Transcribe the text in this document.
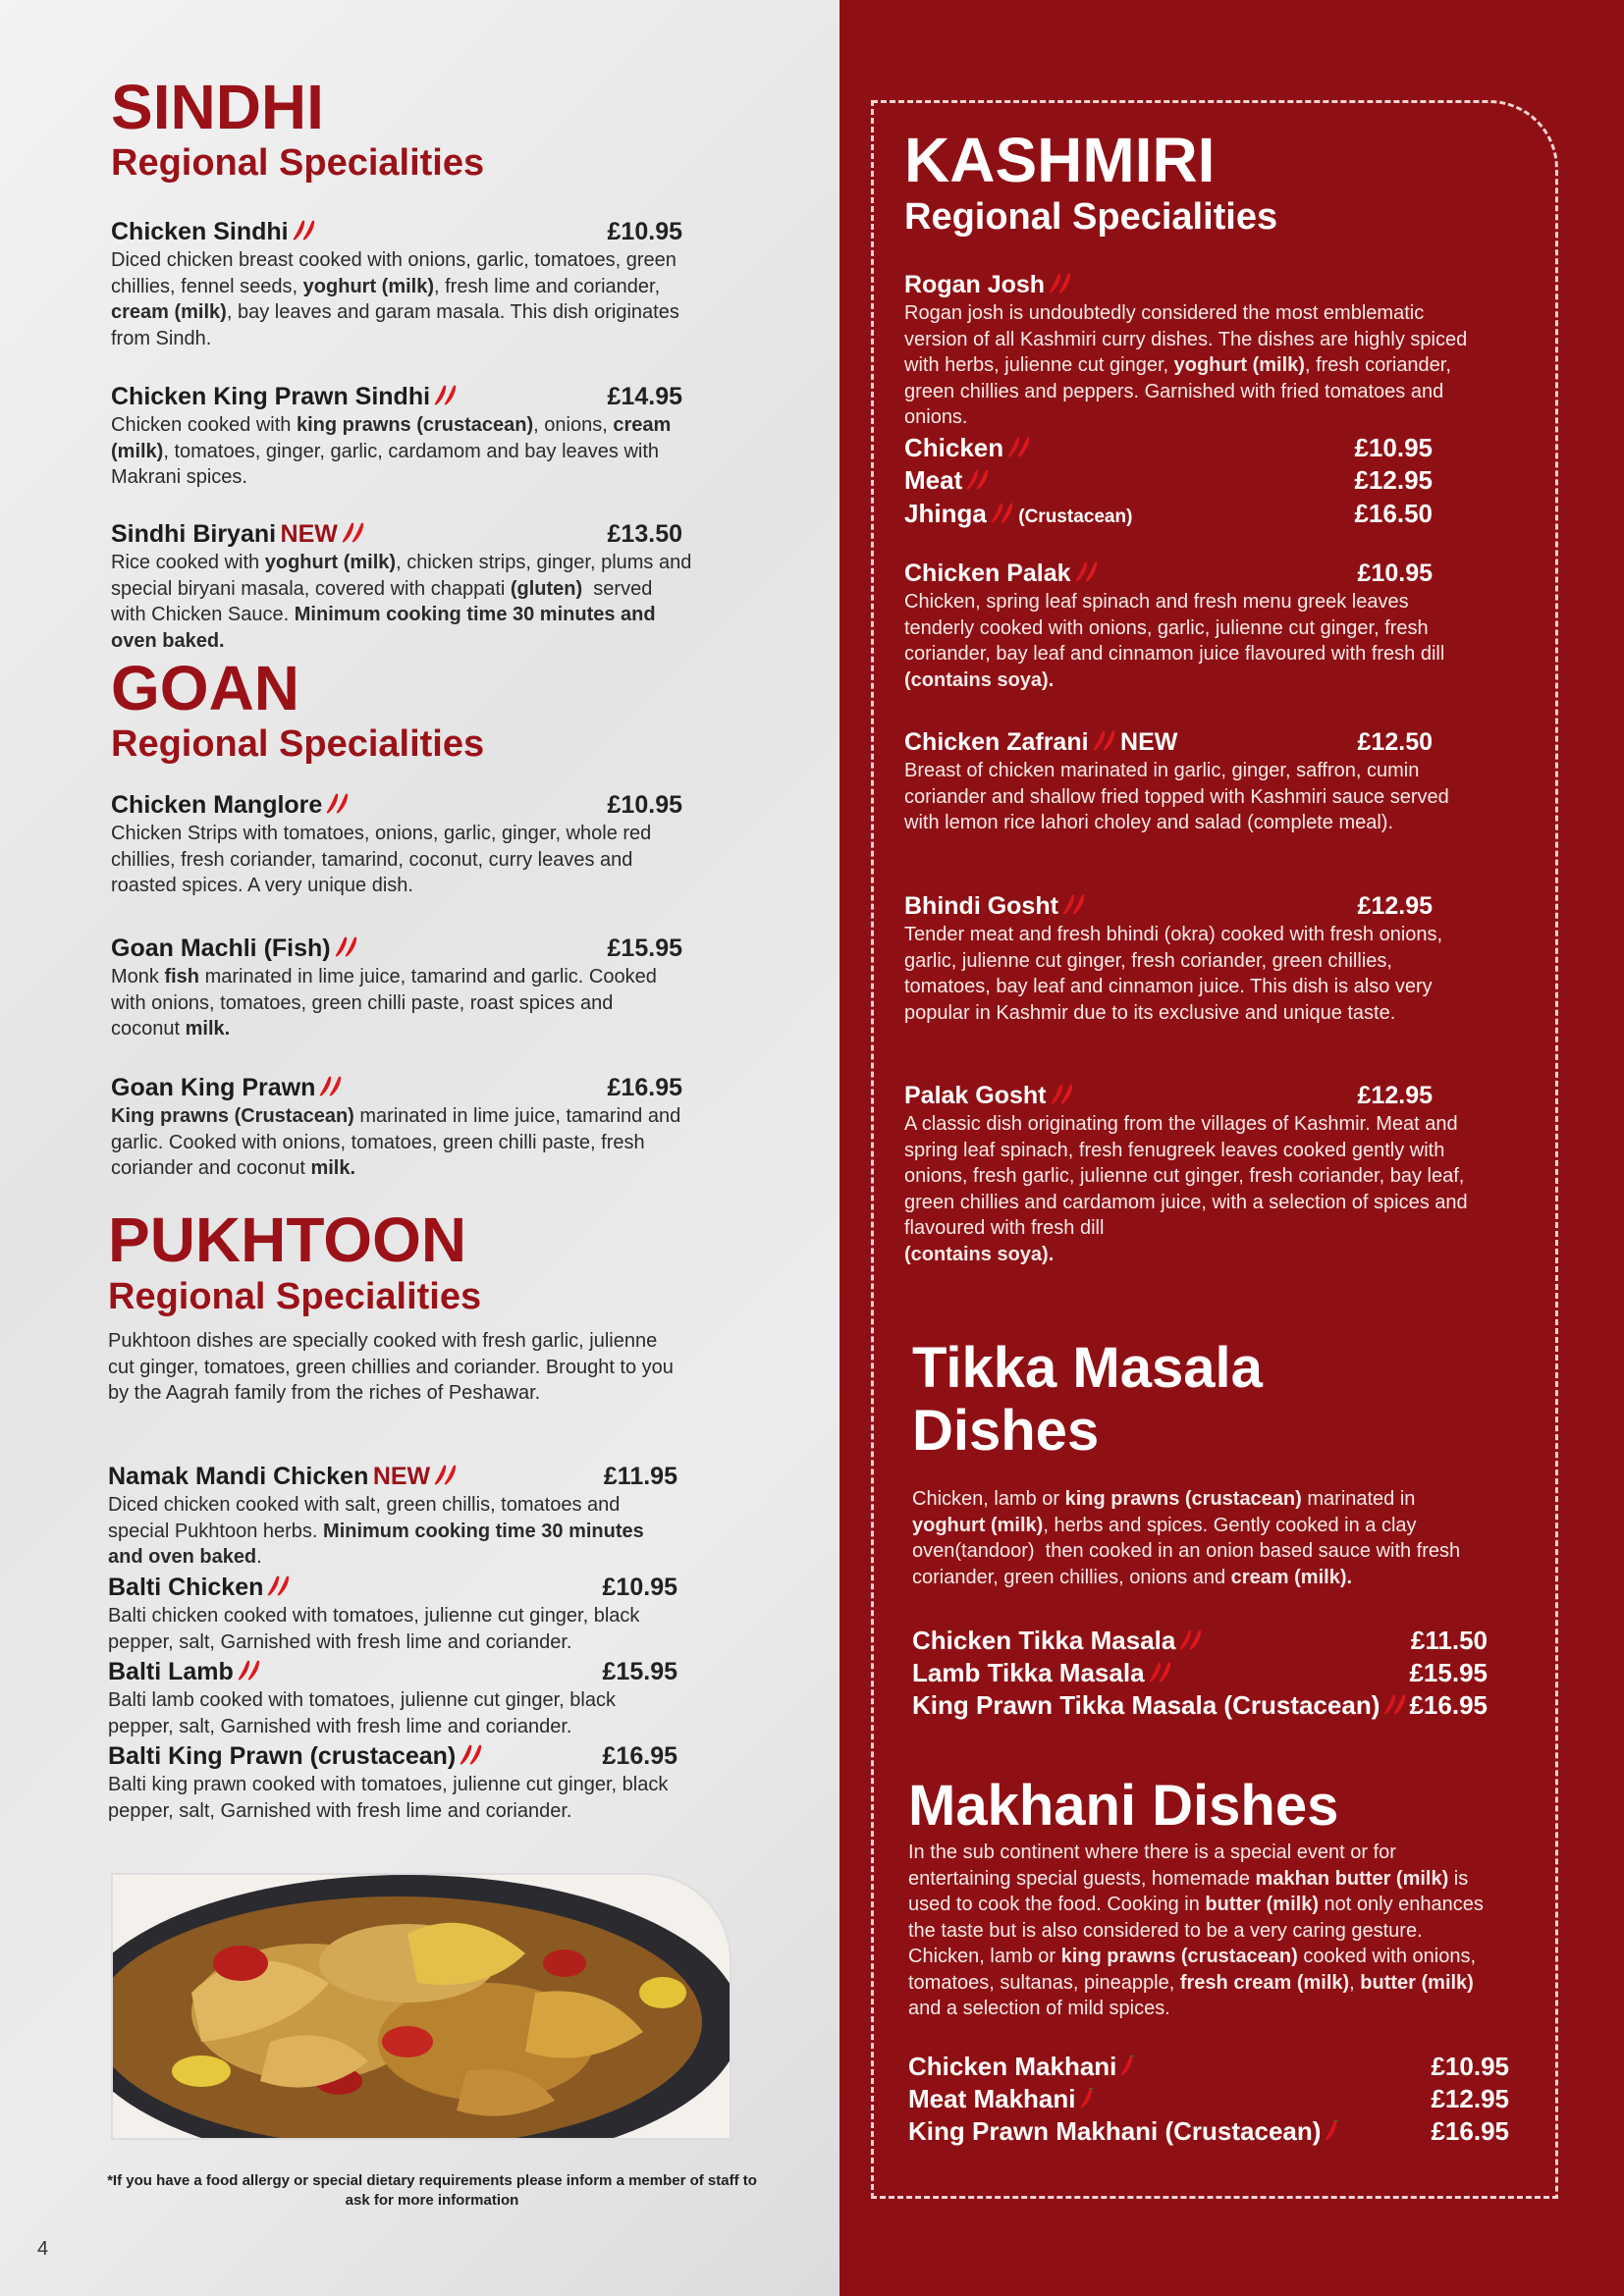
SINDHI
Regional Specialities
Chicken Sindhi	£10.95
Diced chicken breast cooked with onions, garlic, tomatoes, green chillies, fennel seeds, yoghurt (milk), fresh lime and coriander, cream (milk), bay leaves and garam masala. This dish originates from Sindh.
Chicken King Prawn Sindhi	£14.95
Chicken cooked with king prawns (crustacean), onions, cream (milk), tomatoes, ginger, garlic, cardamom and bay leaves with Makrani spices.
Sindhi Biryani NEW	£13.50
Rice cooked with yoghurt (milk), chicken strips, ginger, plums and special biryani masala, covered with chappati (gluten)  served with Chicken Sauce. Minimum cooking time 30 minutes and oven baked.
GOAN
Regional Specialities
Chicken Manglore	£10.95
Chicken Strips with tomatoes, onions, garlic, ginger, whole red chillies, fresh coriander, tamarind, coconut, curry leaves and roasted spices. A very unique dish.
Goan Machli (Fish)	£15.95
Monk fish marinated in lime juice, tamarind and garlic. Cooked with onions, tomatoes, green chilli paste, roast spices and coconut milk.
Goan King Prawn	£16.95
King prawns (Crustacean) marinated in lime juice, tamarind and garlic. Cooked with onions, tomatoes, green chilli paste, fresh coriander and coconut milk.
PUKHTOON
Regional Specialities
Pukhtoon dishes are specially cooked with fresh garlic, julienne cut ginger, tomatoes, green chillies and coriander. Brought to you by the Aagrah family from the riches of Peshawar.
Namak Mandi Chicken NEW	£11.95
Diced chicken cooked with salt, green chillis, tomatoes and special Pukhtoon herbs. Minimum cooking time 30 minutes and oven baked.
Balti Chicken	£10.95
Balti chicken cooked with tomatoes, julienne cut ginger, black pepper, salt, Garnished with fresh lime and coriander.
Balti Lamb	£15.95
Balti lamb cooked with tomatoes, julienne cut ginger, black pepper, salt, Garnished with fresh lime and coriander.
Balti King Prawn (crustacean)	£16.95
Balti king prawn cooked with tomatoes, julienne cut ginger, black pepper, salt, Garnished with fresh lime and coriander.
*If you have a food allergy or special dietary requirements please inform a member of staff to ask for more information
4
KASHMIRI
Regional Specialities
Rogan Josh
Rogan josh is undoubtedly considered the most emblematic version of all Kashmiri curry dishes. The dishes are highly spiced with herbs, julienne cut ginger, yoghurt (milk), fresh coriander, green chillies and peppers. Garnished with fried tomatoes and onions.
Chicken	£10.95
Meat	£12.95
Jhinga (Crustacean)	£16.50
Chicken Palak	£10.95
Chicken, spring leaf spinach and fresh menu greek leaves tenderly cooked with onions, garlic, julienne cut ginger, fresh coriander, bay leaf and cinnamon juice flavoured with fresh dill (contains soya).
Chicken Zafrani NEW	£12.50
Breast of chicken marinated in garlic, ginger, saffron, cumin coriander and shallow fried topped with Kashmiri sauce served with lemon rice lahori choley and salad (complete meal).
Bhindi Gosht	£12.95
Tender meat and fresh bhindi (okra) cooked with fresh onions, garlic, julienne cut ginger, fresh coriander, green chillies, tomatoes, bay leaf and cinnamon juice. This dish is also very popular in Kashmir due to its exclusive and unique taste.
Palak Gosht	£12.95
A classic dish originating from the villages of Kashmir. Meat and spring leaf spinach, fresh fenugreek leaves cooked gently with onions, fresh garlic, julienne cut ginger, fresh coriander, bay leaf, green chillies and cardamom juice, with a selection of spices and flavoured with fresh dill
(contains soya).
Tikka Masala
Dishes
Chicken, lamb or king prawns (crustacean) marinated in yoghurt (milk), herbs and spices. Gently cooked in a clay oven(tandoor)  then cooked in an onion based sauce with fresh coriander, green chillies, onions and cream (milk).
Chicken Tikka Masala	£11.50
Lamb Tikka Masala	£15.95
King Prawn Tikka Masala (Crustacean) £16.95
Makhani Dishes
In the sub continent where there is a special event or for entertaining special guests, homemade makhan butter (milk) is used to cook the food. Cooking in butter (milk) not only enhances the taste but is also considered to be a very caring gesture. Chicken, lamb or king prawns (crustacean) cooked with onions, tomatoes, sultanas, pineapple, fresh cream (milk), butter (milk) and a selection of mild spices.
Chicken Makhani	£10.95
Meat Makhani	£12.95
King Prawn Makhani (Crustacean)	£16.95
